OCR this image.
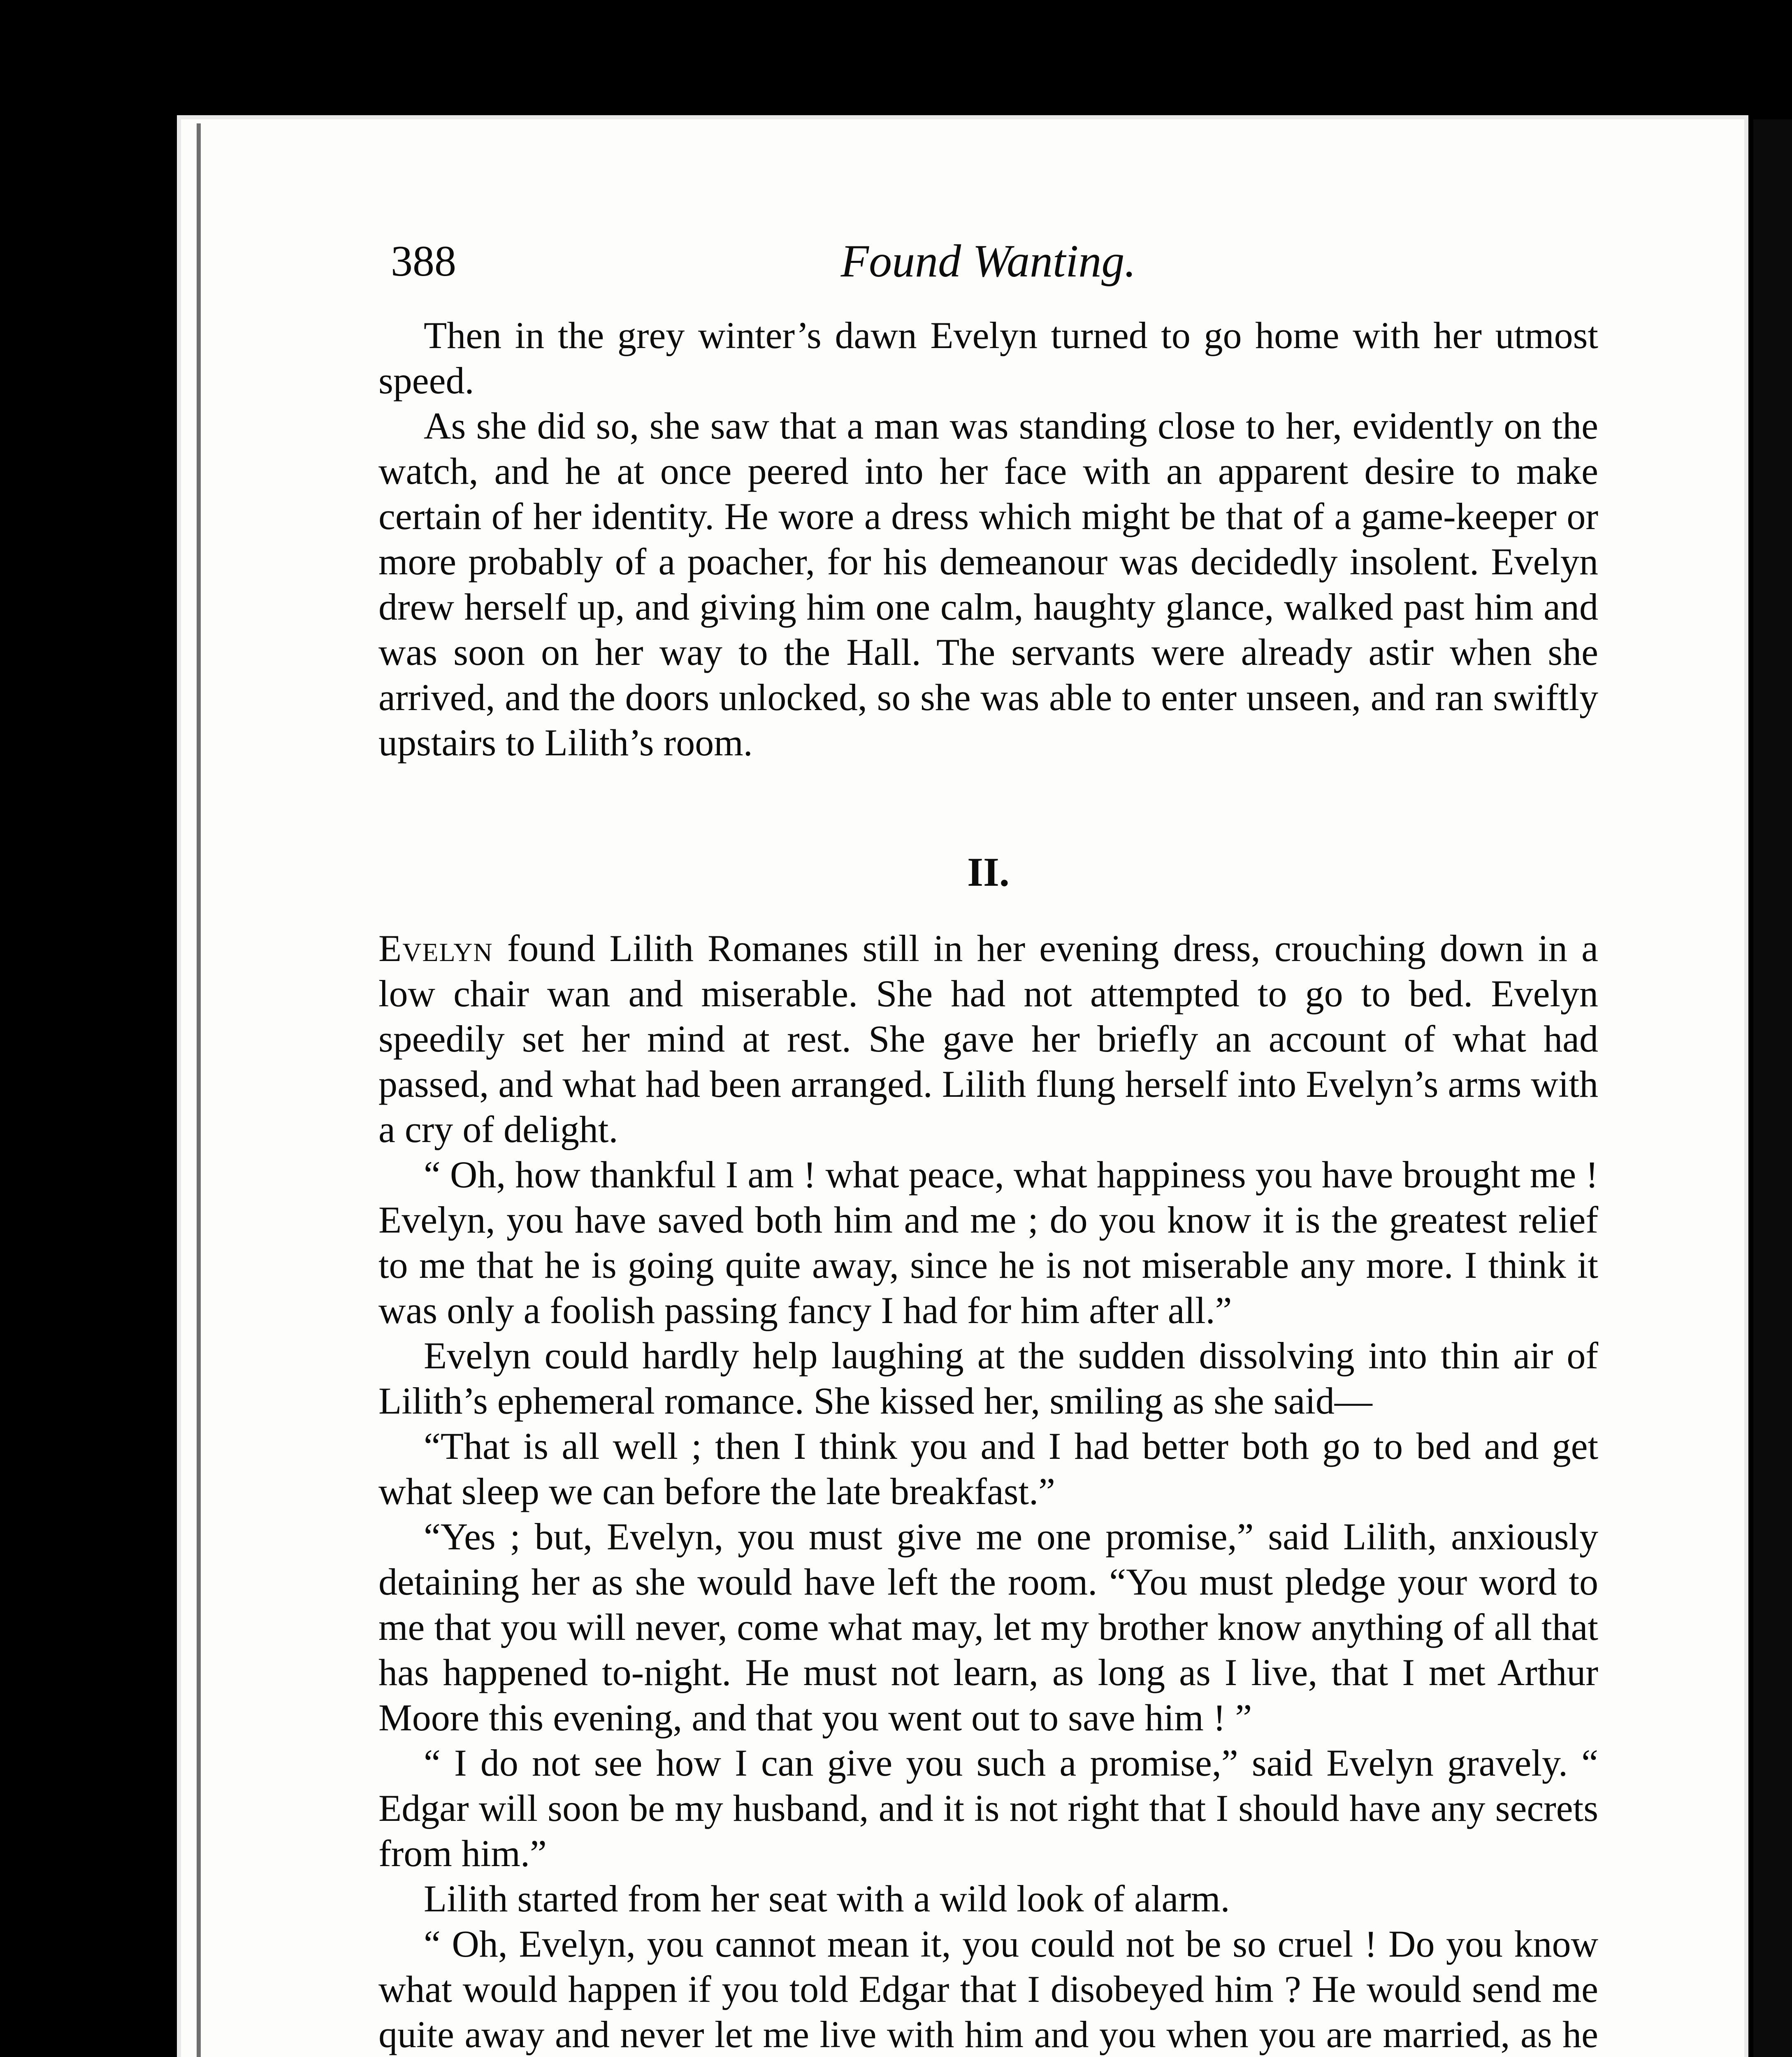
388	Found Wanting.

Then in the grey winter’s dawn Evelyn turned to go home with her utmost speed.

As she did so, she saw that a man was standing close to her, evidently on the watch, and he at once peered into her face with an apparent desire to make certain of her identity. He wore a dress which might be that of a game-keeper or more probably of a poacher, for his demeanour was decidedly insolent. Evelyn drew herself up, and giving him one calm, haughty glance, walked past him and was soon on her way to the Hall. The servants were already astir when she arrived, and the doors unlocked, so she was able to enter unseen, and ran swiftly upstairs to Lilith’s room.

II.

Evelyn found Lilith Romanes still in her evening dress, crouching down in a low chair wan and miserable. She had not attempted to go to bed. Evelyn speedily set her mind at rest. She gave her briefly an account of what had passed, and what had been arranged. Lilith flung herself into Evelyn’s arms with a cry of delight.

“ Oh, how thankful I am ! what peace, what happiness you have brought me ! Evelyn, you have saved both him and me ; do you know it is the greatest relief to me that he is going quite away, since he is not miserable any more. I think it was only a foolish passing fancy I had for him after all.”

Evelyn could hardly help laughing at the sudden dissolving into thin air of Lilith’s ephemeral romance. She kissed her, smiling as she said—

“That is all well ; then I think you and I had better both go to bed and get what sleep we can before the late breakfast.”

“Yes ; but, Evelyn, you must give me one promise,” said Lilith, anxiously detaining her as she would have left the room. “You must pledge your word to me that you will never, come what may, let my brother know anything of all that has happened to-night. He must not learn, as long as I live, that I met Arthur Moore this evening, and that you went out to save him ! ”

“ I do not see how I can give you such a promise,” said Evelyn gravely. “ Edgar will soon be my husband, and it is not right that I should have any secrets from him.”

Lilith started from her seat with a wild look of alarm.

“ Oh, Evelyn, you cannot mean it, you could not be so cruel ! Do you know what would happen if you told Edgar that I disobeyed him ? He would send me quite away and never let me live with him and you when you are married, as he
